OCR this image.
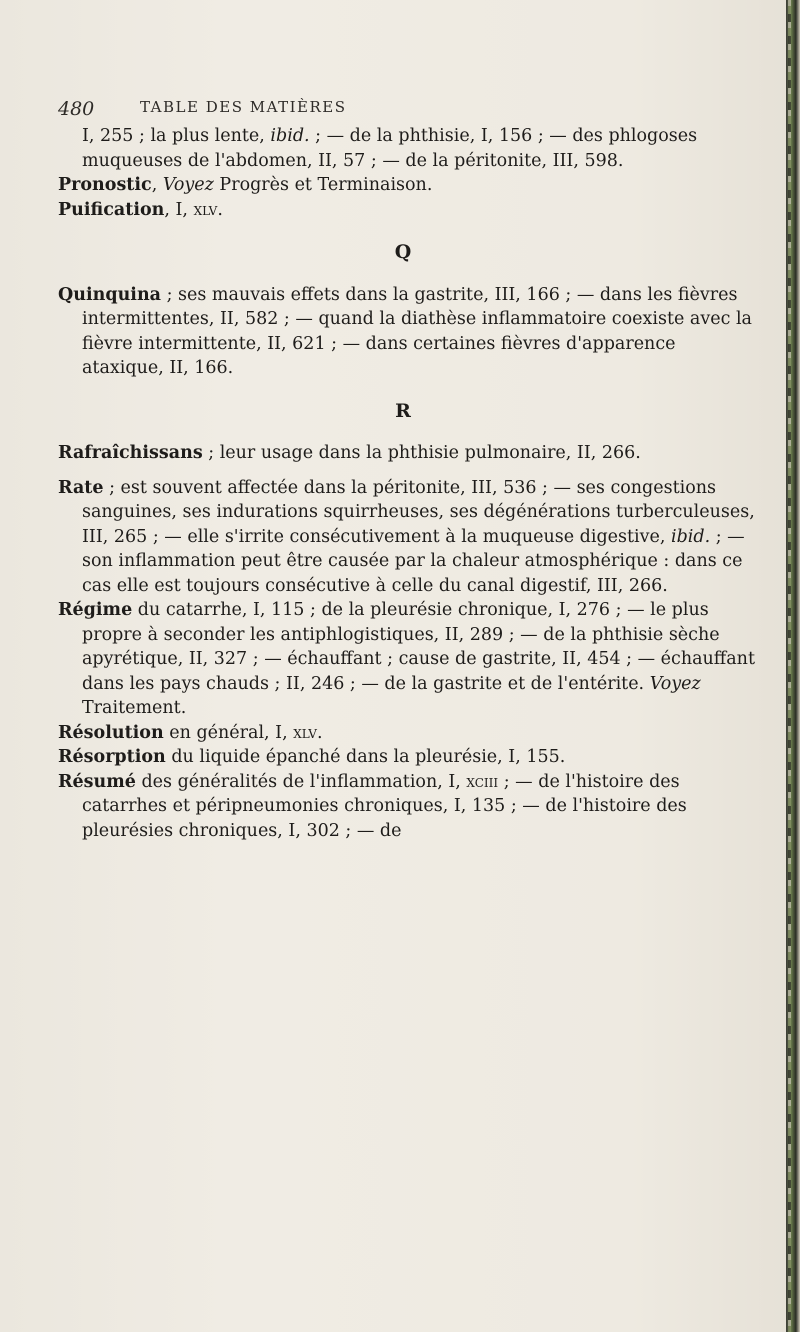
480	TABLE DES MATIÈRES

I, 255 ; la plus lente, ibid. ; — de la phthisie, I, 156 ; — des phlogoses muqueuses de l'abdomen, II, 57 ; — de la péritonite, III, 598.

Pronostic, Voyez Progrès et Terminaison.

Puification, I, xlv.

Q

Quinquina ; ses mauvais effets dans la gastrite, III, 166 ; — dans les fièvres intermittentes, II, 582 ; — quand la diathèse inflammatoire coexiste avec la fièvre intermittente, II, 621 ; — dans certaines fièvres d'apparence ataxique, II, 166.

R

Rafraîchissans ; leur usage dans la phthisie pulmonaire, II, 266.

Rate ; est souvent affectée dans la péritonite, III, 536 ; — ses congestions sanguines, ses indurations squirrheuses, ses dégénérations turberculeuses, III, 265 ; — elle s'irrite consécutivement à la muqueuse digestive, ibid. ; — son inflammation peut être causée par la chaleur atmosphérique : dans ce cas elle est toujours consécutive à celle du canal digestif, III, 266.

Régime du catarrhe, I, 115 ; de la pleurésie chronique, I, 276 ; — le plus propre à seconder les antiphlogistiques, II, 289 ; — de la phthisie sèche apyrétique, II, 327 ; — échauffant ; cause de gastrite, II, 454 ; — échauffant dans les pays chauds ; II, 246 ; — de la gastrite et de l'entérite. Voyez Traitement.

Résolution en général, I, xlv.

Résorption du liquide épanché dans la pleurésie, I, 155.

Résumé des généralités de l'inflammation, I, xciii ; — de l'histoire des catarrhes et péripneumonies chroniques, I, 135 ; — de l'histoire des pleurésies chroniques, I, 302 ; — de
